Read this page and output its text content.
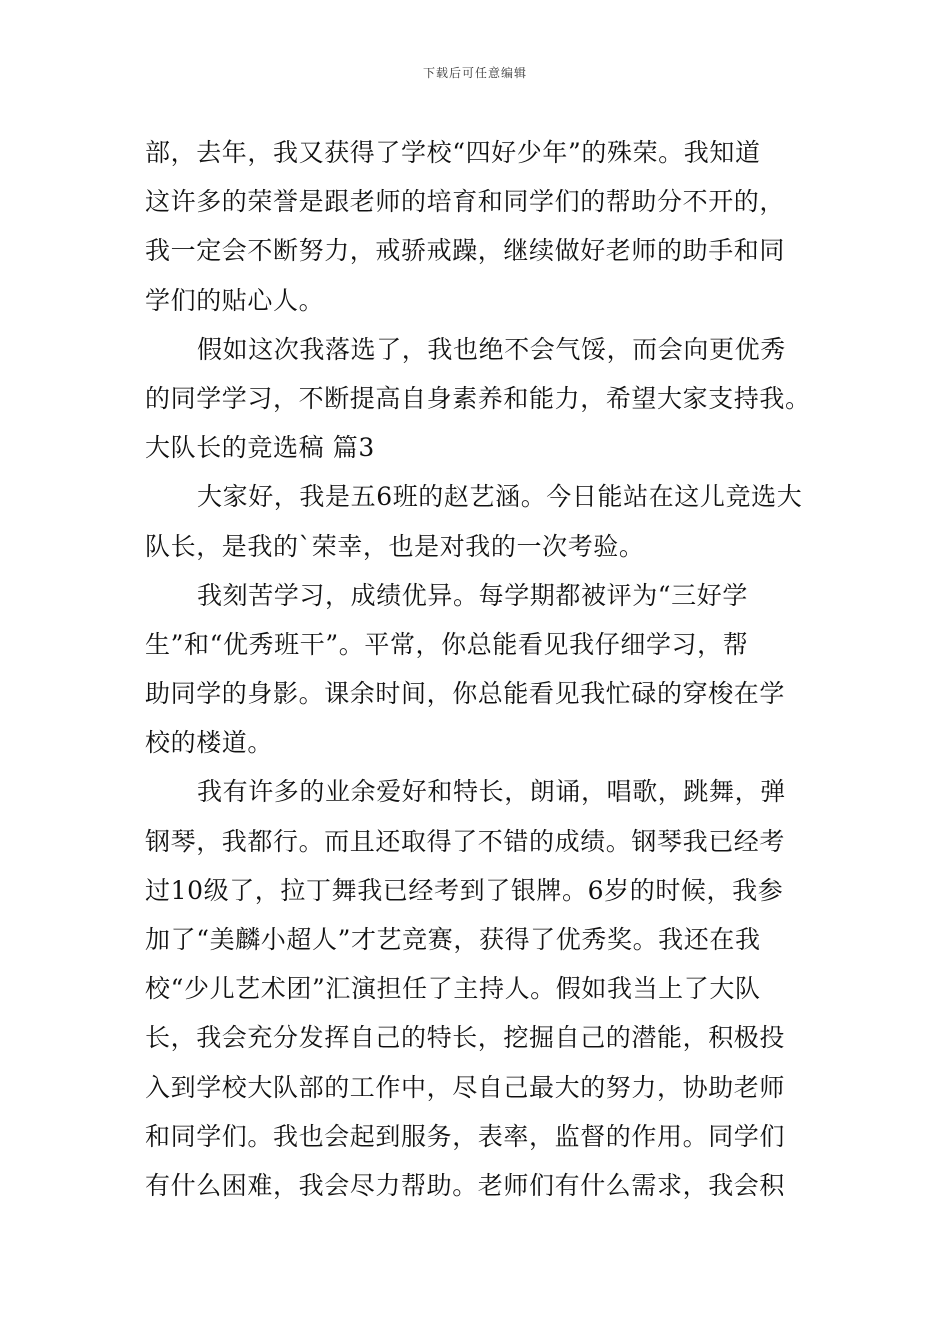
下载后可任意编辑
部，去年，我又获得了学校“四好少年”的殊荣。我知道
这许多的荣誉是跟老师的培育和同学们的帮助分不开的，
我一定会不断努力，戒骄戒躁，继续做好老师的助手和同
学们的贴心人。
假如这次我落选了，我也绝不会气馁，而会向更优秀
的同学学习，不断提高自身素养和能力，希望大家支持我。
大队长的竞选稿 篇3
大家好，我是五6班的赵艺涵。今日能站在这儿竞选大
队长，是我的`荣幸，也是对我的一次考验。
我刻苦学习，成绩优异。每学期都被评为“三好学
生”和“优秀班干”。平常，你总能看见我仔细学习，帮
助同学的身影。课余时间，你总能看见我忙碌的穿梭在学
校的楼道。
我有许多的业余爱好和特长，朗诵，唱歌，跳舞，弹
钢琴，我都行。而且还取得了不错的成绩。钢琴我已经考
过10级了，拉丁舞我已经考到了银牌。6岁的时候，我参
加了“美麟小超人”才艺竞赛，获得了优秀奖。我还在我
校“少儿艺术团”汇演担任了主持人。假如我当上了大队
长，我会充分发挥自己的特长，挖掘自己的潜能，积极投
入到学校大队部的工作中，尽自己最大的努力，协助老师
和同学们。我也会起到服务，表率，监督的作用。同学们
有什么困难，我会尽力帮助。老师们有什么需求，我会积
